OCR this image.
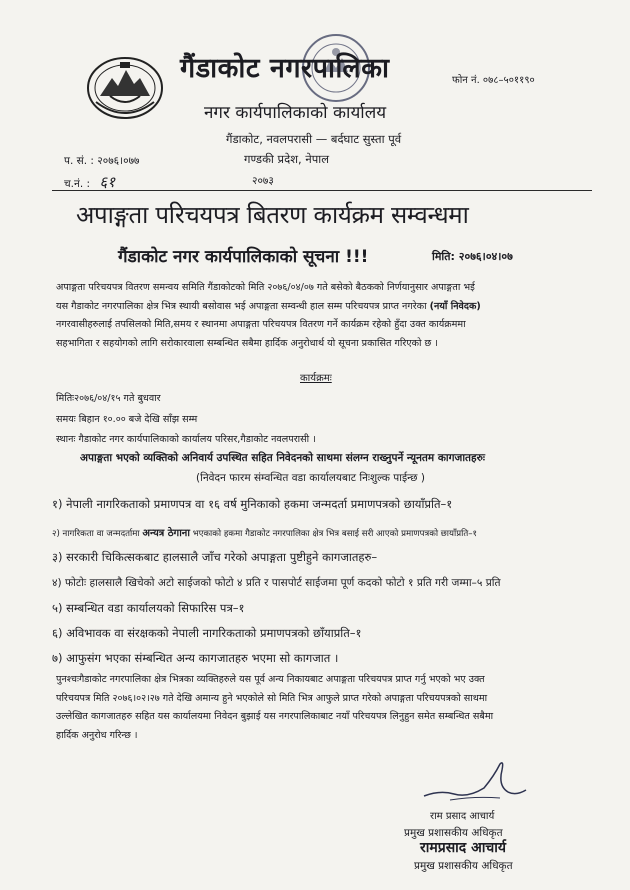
गैंडाकोट नगरपालिका	फोन नं. ०७८–५०११९०
नगर कार्यपालिकाको कार्यालय
गैंडाकोट, नवलपरासी — बर्दघाट सुस्ता पूर्व
गण्डकी प्रदेश, नेपाल
प. सं. : २०७६।०७७
च.नं. : ६१	२०७३
अपाङ्गता परिचयपत्र बितरण कार्यक्रम सम्वन्धमा
गैंडाकोट नगर कार्यपालिकाको सूचना !!!	मिति: २०७६।०४।०७
अपाङ्गता परिचयपत्र वितरण समन्वय समिति गैंडाकोटको मिति २०७६/०४/०७ गते बसेको बैठकको निर्णयानुसार अपाङ्गता भई
यस गैडाकोट नगरपालिका क्षेत्र भित्र स्थायी बसोवास भई अपाङ्गता सम्वन्धी हाल सम्म परिचयपत्र प्राप्त नगरेका (नयाँ निवेदक)
नगरवासीहरुलाई तपसिलको मिति,समय र स्थानमा अपाङ्गता परिचयपत्र वितरण गर्ने कार्यक्रम रहेको हुँदा उक्त कार्यक्रममा
सहभागिता र सहयोगको लागि सरोकारवाला सम्बन्धित सबैमा हार्दिक अनुरोधार्थ यो सूचना प्रकासित गरिएको छ ।
कार्यक्रमः
मितिः२०७६/०४/१५ गते बुधवार
समयः बिहान १०.०० बजे देखि साँझ सम्म
स्थानः गैडाकोट नगर कार्यपालिकाको कार्यालय परिसर,गैडाकोट नवलपरासी ।
अपाङ्गता भएको व्यक्तिको अनिवार्य उपस्थित सहित निवेदनको साथमा संलग्न राख्नुपर्ने न्यूनतम कागजातहरुः
(निवेदन फारम संम्वन्धित वडा कार्यालयबाट निःशुल्क पाईन्छ )
१) नेपाली नागरिकताको प्रमाणपत्र वा १६ वर्ष मुनिकाको हकमा जन्मदर्ता प्रमाणपत्रको छायाँप्रति–१
२) नागरिकता वा जन्मदर्तामा अन्यत्र ठेगाना भएकाको हकमा गैडाकोट नगरपालिका क्षेत्र भित्र बसाई सरी आएको प्रमाणपत्रको छायाँप्रति–१
३) सरकारी चिकित्सकबाट हालसालै जाँच गरेको अपाङ्गता पुष्टीहुने कागजातहरु–
४) फोटोः हालसालै खिचेको अटो साईजको फोटो ४ प्रति र पासपोर्ट साईजमा पूर्ण कदको फोटो १ प्रति गरी जम्मा–५ प्रति
५) सम्बन्धित वडा कार्यालयको सिफारिस पत्र–१
६) अविभावक वा संरक्षकको नेपाली नागरिकताको प्रमाणपत्रको छाँयाप्रति–१
७) आफुसंग भएका संम्बन्धित अन्य कागजातहरु भएमा सो कागजात ।
पुनश्चःगैडाकोट नगरपालिका क्षेत्र भित्रका व्यक्तिहरुले यस पूर्व अन्य निकायबाट अपाङ्गता परिचयपत्र प्राप्त गर्नु भएको भए उक्त
परिचयपत्र मिति २०७६।०२।२७ गते देखि अमान्य हुने भएकोले सो मिति भित्र आफुले प्राप्त गरेको अपाङ्गता परिचयपत्रको साथमा
उल्लेखित कागजातहरु सहित यस कार्यालयमा निवेदन बुझाई यस नगरपालिकाबाट नयाँ परिचयपत्र लिनुहुन समेत सम्बन्धित सबैमा
हार्दिक अनुरोध गरिन्छ ।
राम प्रसाद आचार्य
प्रमुख प्रशासकीय अधिकृत
रामप्रसाद आचार्य
प्रमुख प्रशासकीय अधिकृत
